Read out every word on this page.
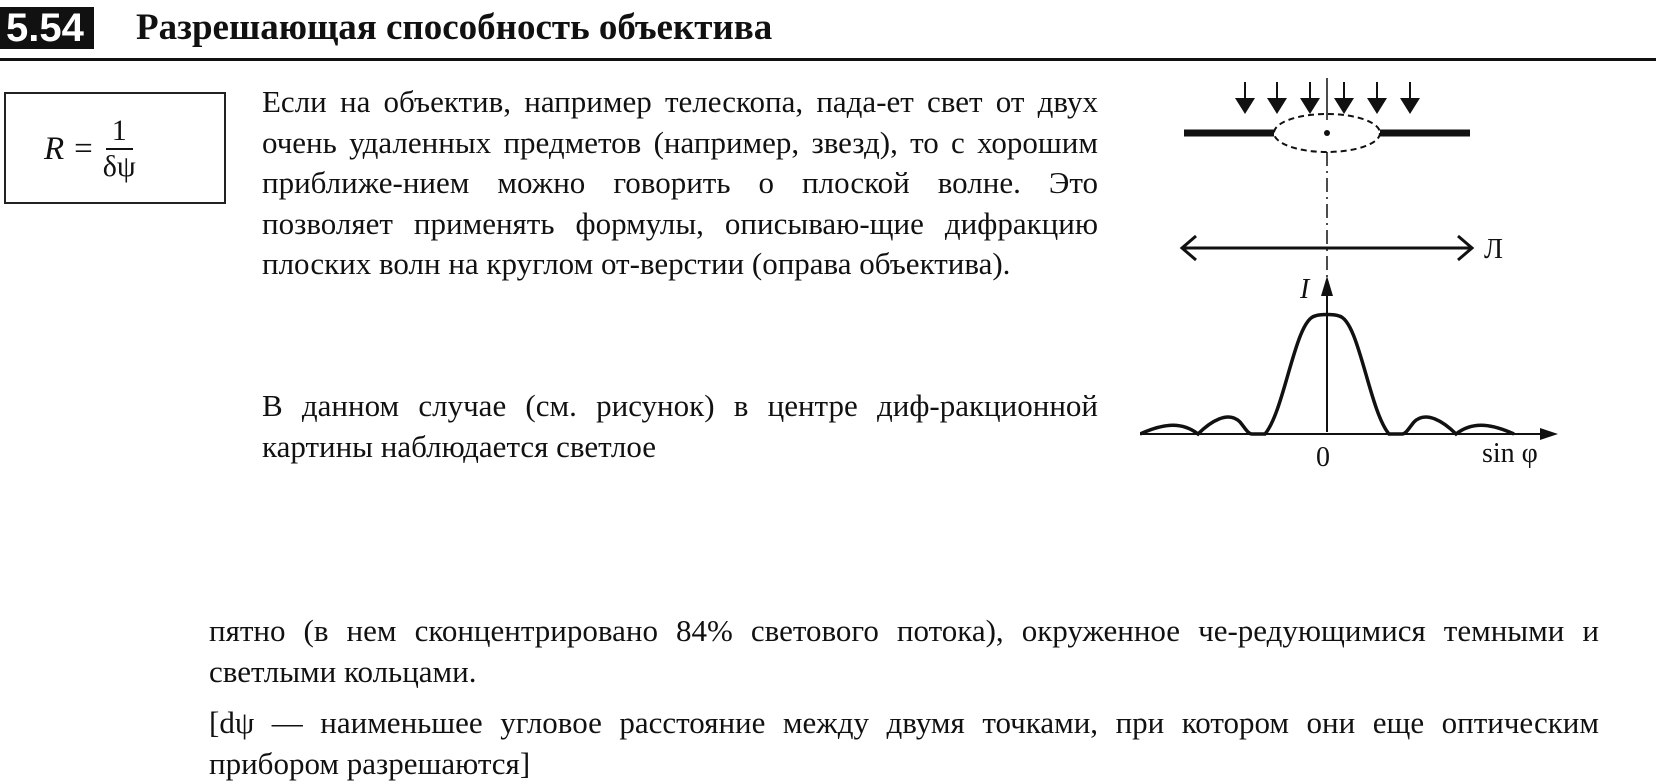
5.54 Разрешающая способность объектива
$R = \frac{1}{\delta\psi}$

Если на объектив, например телескопа, пада-ет свет от двух очень удаленных предметов (например, звезд), то с хорошим приближе-нием можно говорить о плоской волне. Это позволяет применять формулы, описываю-щие дифракцию плоских волн на круглом от-верстии (оправа объектива).

В данном случае (см. рисунок) в центре диф-ракционной картины наблюдается светлое

пятно (в нем сконцентрировано 84% светового потока), окруженное че-редующимися темными и светлыми кольцами.

[dψ — наименьшее угловое расстояние между двумя точками, при котором они еще оптическим прибором разрешаются]

Л
I
0	sin φ
